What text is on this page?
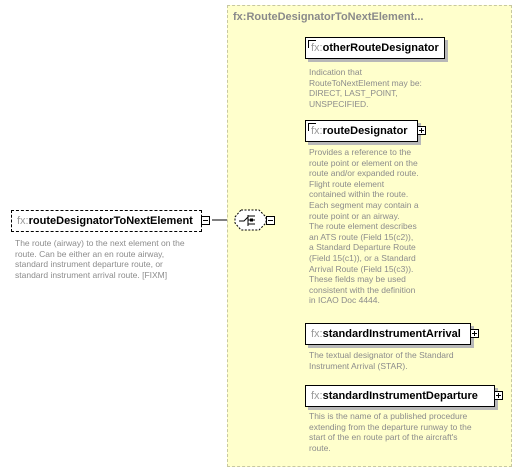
fx:RouteDesignatorToNextElement...
fx:routeDesignatorToNextElement
The route (airway) to the next element on the
route. Can be either an en route airway,
standard instrument departure route, or
standard instrument arrival route. [FIXM]
fx:otherRouteDesignator
Indication that
RouteToNextElement may be:
DIRECT, LAST_POINT,
UNSPECIFIED.
fx:routeDesignator
Provides a reference to the
route point or element on the
route and/or expanded route.
Flight route element
contained within the route.
Each segment may contain a
route point or an airway.
The route element describes
an ATS route (Field 15(c2)),
a Standard Departure Route
(Field 15(c1)), or a Standard
Arrival Route (Field 15(c3)).
These fields may be used
consistent with the definition
in ICAO Doc 4444.
fx:standardInstrumentArrival
The textual designator of the Standard
Instrument Arrival (STAR).
fx:standardInstrumentDeparture
This is the name of a published procedure
extending from the departure runway to the
start of the en route part of the aircraft's
route.
